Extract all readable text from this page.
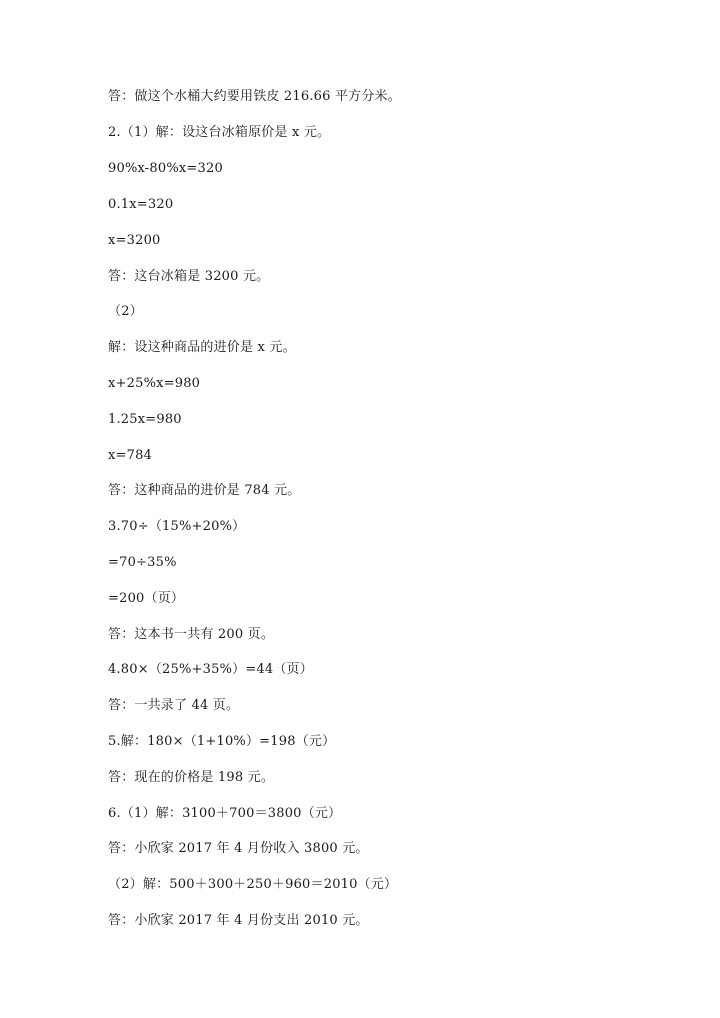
答：做这个水桶大约要用铁皮 216.66 平方分米。
2.（1）解：设这台冰箱原价是 x 元。
90%x-80%x=320
0.1x=320
x=3200
答：这台冰箱是 3200 元。
（2）
解：设这种商品的进价是 x 元。
x+25%x=980
1.25x=980
x=784
答：这种商品的进价是 784 元。
3.70÷（15%+20%）
=70÷35%
=200（页）
答：这本书一共有 200 页。
4.80×（25%+35%）=44（页）
答：一共录了 44 页。
5.解：180×（1+10%）=198（元）
答：现在的价格是 198 元。
6.（1）解：3100＋700＝3800（元）
答：小欣家 2017 年 4 月份收入 3800 元。
（2）解：500＋300＋250＋960＝2010（元）
答：小欣家 2017 年 4 月份支出 2010 元。
